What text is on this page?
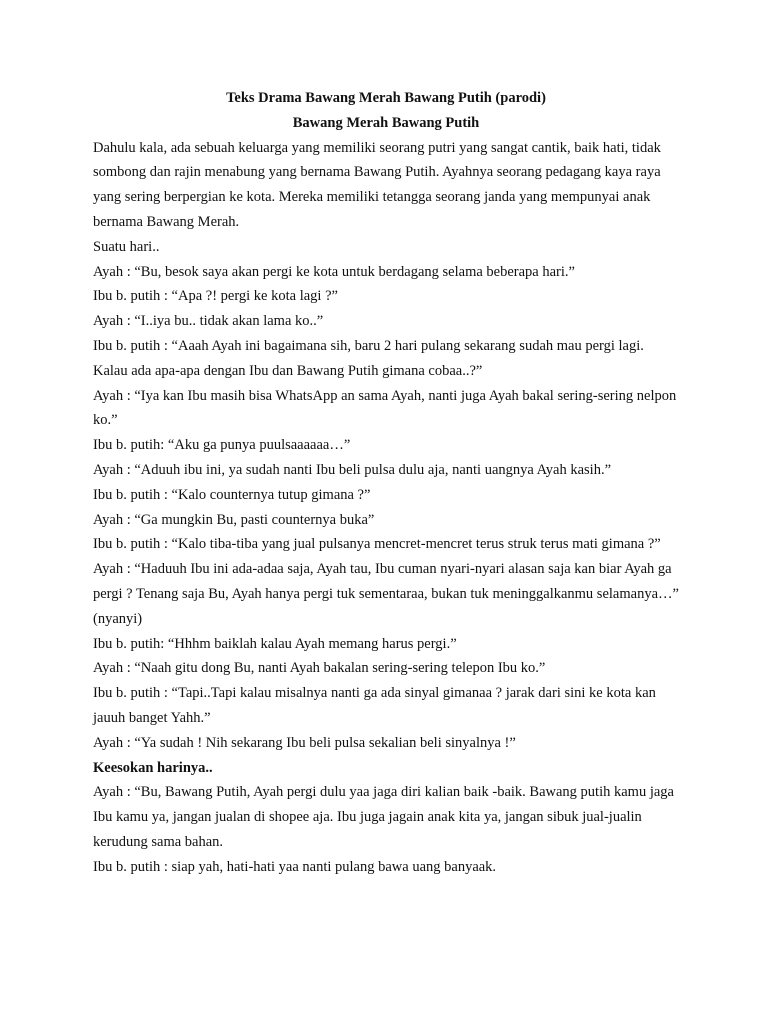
Teks Drama Bawang Merah Bawang Putih (parodi)

Bawang Merah Bawang Putih

Dahulu kala, ada sebuah keluarga yang memiliki seorang putri yang sangat cantik, baik hati, tidak sombong dan rajin menabung yang bernama Bawang Putih. Ayahnya seorang pedagang kaya raya yang sering berpergian ke kota. Mereka memiliki tetangga seorang janda yang mempunyai anak bernama Bawang Merah.

Suatu hari..

Ayah : “Bu, besok saya akan pergi ke kota untuk berdagang selama beberapa hari.”

Ibu b. putih : “Apa ?! pergi ke kota lagi ?”

Ayah : “I..iya bu.. tidak akan lama ko..”

Ibu b. putih : “Aaah Ayah ini bagaimana sih, baru 2 hari pulang sekarang sudah mau pergi lagi. Kalau ada apa-apa dengan Ibu dan Bawang Putih gimana cobaa..?”

Ayah : “Iya kan Ibu masih bisa WhatsApp an sama Ayah, nanti juga Ayah bakal sering-sering nelpon ko.”

Ibu b. putih: “Aku ga punya puulsaaaaaa…”

Ayah : “Aduuh ibu ini, ya sudah nanti Ibu beli pulsa dulu aja, nanti uangnya Ayah kasih.”

Ibu b. putih : “Kalo counternya tutup gimana ?”

Ayah : “Ga mungkin Bu, pasti counternya buka”

Ibu b. putih : “Kalo tiba-tiba yang jual pulsanya mencret-mencret terus struk terus mati gimana ?”

Ayah : “Haduuh Ibu ini ada-adaa saja, Ayah tau, Ibu cuman nyari-nyari alasan saja kan biar Ayah ga pergi ? Tenang saja Bu, Ayah hanya pergi tuk sementaraa, bukan tuk meninggalkanmu selamanya…” (nyanyi)

Ibu b. putih: “Hhhm baiklah kalau Ayah memang harus pergi.”

Ayah : “Naah gitu dong Bu, nanti Ayah bakalan sering-sering telepon Ibu ko.”

Ibu b. putih : “Tapi..Tapi kalau misalnya nanti ga ada sinyal gimanaa ? jarak dari sini ke kota kan jauuh banget Yahh.”

Ayah : “Ya sudah ! Nih sekarang Ibu beli pulsa sekalian beli sinyalnya !”

Keesokan harinya..

Ayah : “Bu, Bawang Putih, Ayah pergi dulu yaa jaga diri kalian baik -baik. Bawang putih kamu jaga Ibu kamu ya, jangan jualan di shopee aja. Ibu juga jagain anak kita ya, jangan sibuk jual-jualin kerudung sama bahan.

Ibu b. putih : siap yah, hati-hati yaa nanti pulang bawa uang banyaak.
